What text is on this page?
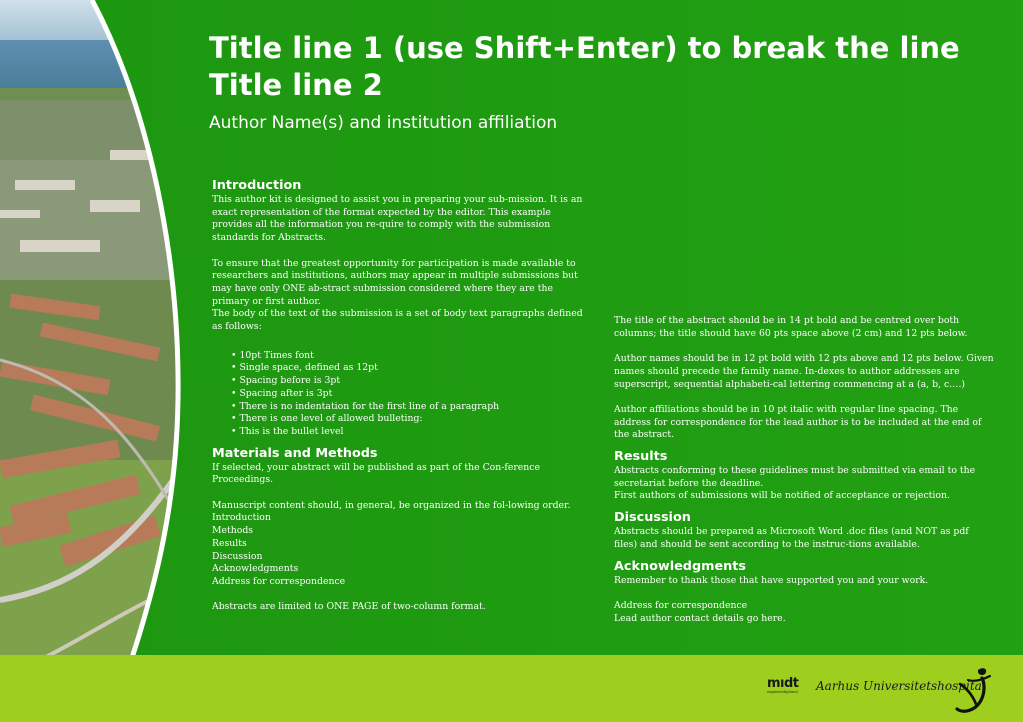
Title line 1 (use Shift+Enter) to break the line Title line 2

Author Name(s) and institution affiliation

Introduction

This author kit is designed to assist you in preparing your sub-mission. It is an exact representation of the format expected by the editor. This example provides all the information you re-quire to comply with the submission standards for Abstracts.

To ensure that the greatest opportunity for participation is made available to researchers and institutions, authors may appear in multiple submissions but may have only ONE ab-stract submission considered where they are the primary or first author.

The body of the text of the submission is a set of body text paragraphs defined as follows:

• 10pt Times font
• Single space, defined as 12pt
• Spacing before is 3pt
• Spacing after is 3pt
• There is no indentation for the first line of a paragraph
• There is one level of allowed bulleting:
• This is the bullet level
Materials and Methods

If selected, your abstract will be published as part of the Con-ference Proceedings.

Manuscript content should, in general, be organized in the fol-lowing order.

Introduction

Methods

Results

Discussion

Acknowledgments

Address for correspondence

Abstracts are limited to ONE PAGE of two-column format.

The title of the abstract should be in 14 pt bold and be centred over both columns; the title should have 60 pts space above (2 cm) and 12 pts below.

Author names should be in 12 pt bold with 12 pts above and 12 pts below. Given names should precede the family name. In-dexes to author addresses are superscript, sequential alphabeti-cal lettering commencing at a (a, b, c….)

Author affiliations should be in 10 pt italic with regular line spacing. The address for correspondence for the lead author is to be included at the end of the abstract.

Results

Abstracts conforming to these guidelines must be submitted via email to the secretariat before the deadline.

First authors of submissions will be notified of acceptance or rejection.

Discussion

Abstracts should be prepared as Microsoft Word .doc files (and NOT as pdf files) and should be sent according to the instruc-tions available.

Acknowledgments

Remember to thank those that have supported you and your work.

Address for correspondence

Lead author contact details go here.

mıdt
regionmidtjylland	Aarhus Universitetshospital
